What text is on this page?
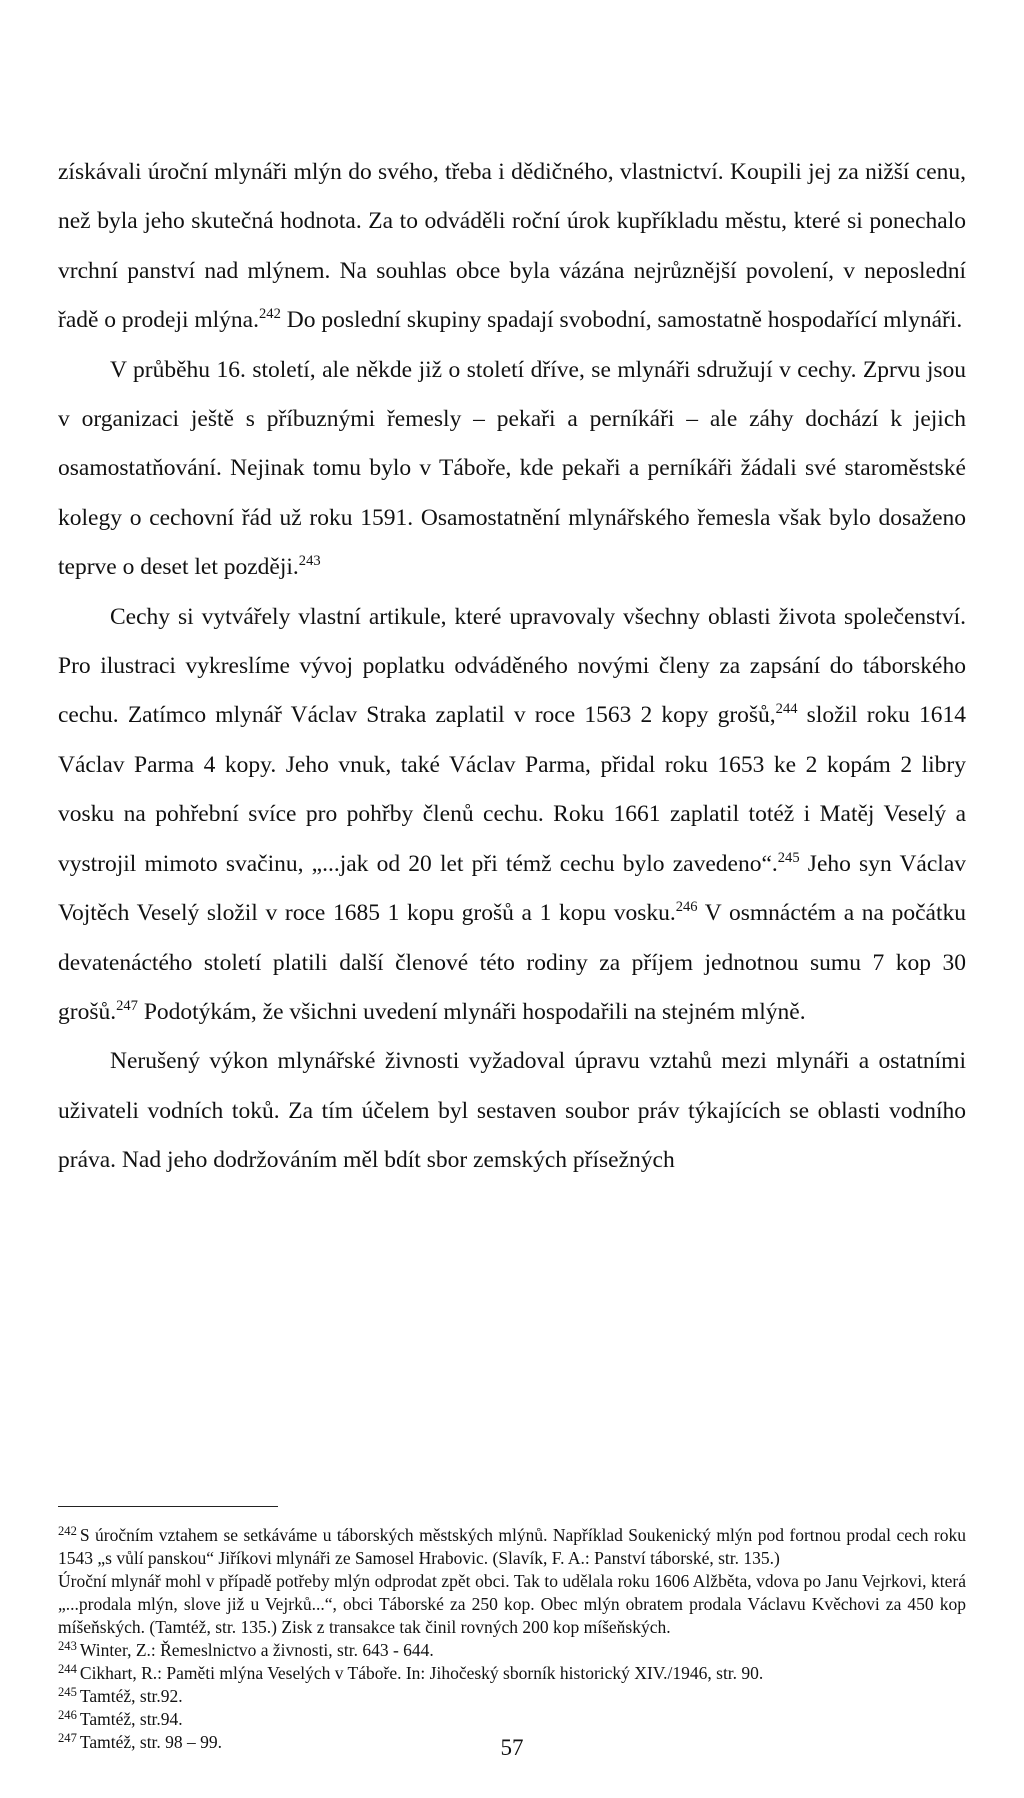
získávali úroční mlynáři mlýn do svého, třeba i dědičného, vlastnictví. Koupili jej za nižší cenu, než byla jeho skutečná hodnota. Za to odváděli roční úrok kupříkladu městu, které si ponechalo vrchní panství nad mlýnem. Na souhlas obce byla vázána nejrůznější povolení, v neposlední řadě o prodeji mlýna.$^{242}$ Do poslední skupiny spadají svobodní, samostatně hospodařící mlynáři.

V průběhu 16. století, ale někde již o století dříve, se mlynáři sdružují v cechy. Zprvu jsou v organizaci ještě s příbuznými řemesly – pekaři a perníkáři – ale záhy dochází k jejich osamostatňování. Nejinak tomu bylo v Táboře, kde pekaři a perníkáři žádali své staroměstské kolegy o cechovní řád už roku 1591. Osamostatnění mlynářského řemesla však bylo dosaženo teprve o deset let později.$^{243}$

Cechy si vytvářely vlastní artikule, které upravovaly všechny oblasti života společenství. Pro ilustraci vykreslíme vývoj poplatku odváděného novými členy za zapsání do táborského cechu. Zatímco mlynář Václav Straka zaplatil v roce 1563 2 kopy grošů,$^{244}$ složil roku 1614 Václav Parma 4 kopy. Jeho vnuk, také Václav Parma, přidal roku 1653 ke 2 kopám 2 libry vosku na pohřební svíce pro pohřby členů cechu. Roku 1661 zaplatil totéž i Matěj Veselý a vystrojil mimoto svačinu, „...jak od 20 let při témž cechu bylo zavedeno“.$^{245}$ Jeho syn Václav Vojtěch Veselý složil v roce 1685 1 kopu grošů a 1 kopu vosku.$^{246}$ V osmnáctém a na počátku devatenáctého století platili další členové této rodiny za příjem jednotnou sumu 7 kop 30 grošů.$^{247}$ Podotýkám, že všichni uvedení mlynáři hospodařili na stejném mlýně.

Nerušený výkon mlynářské živnosti vyžadoval úpravu vztahů mezi mlynáři a ostatními uživateli vodních toků. Za tím účelem byl sestaven soubor práv týkajících se oblasti vodního práva. Nad jeho dodržováním měl bdít sbor zemských přísežných

$^{242}$ S úročním vztahem se setkáváme u táborských městských mlýnů. Například Soukenický mlýn pod fortnou prodal cech roku 1543 „s vůlí panskou“ Jiříkovi mlynáři ze Samosel Hrabovic. (Slavík, F. A.: Panství táborské, str. 135.)

Úroční mlynář mohl v případě potřeby mlýn odprodat zpět obci. Tak to udělala roku 1606 Alžběta, vdova po Janu Vejrkovi, která „...prodala mlýn, slove již u Vejrků...“, obci Táborské za 250 kop. Obec mlýn obratem prodala Václavu Kvěchovi za 450 kop míšeňských. (Tamtéž, str. 135.) Zisk z transakce tak činil rovných 200 kop míšeňských.

$^{243}$ Winter, Z.: Řemeslnictvo a živnosti, str. 643 - 644.

$^{244}$ Cikhart, R.: Paměti mlýna Veselých v Táboře. In: Jihočeský sborník historický XIV./1946, str. 90.

$^{245}$ Tamtéž, str.92.

$^{246}$ Tamtéž, str.94.

$^{247}$ Tamtéž, str. 98 – 99.	57
